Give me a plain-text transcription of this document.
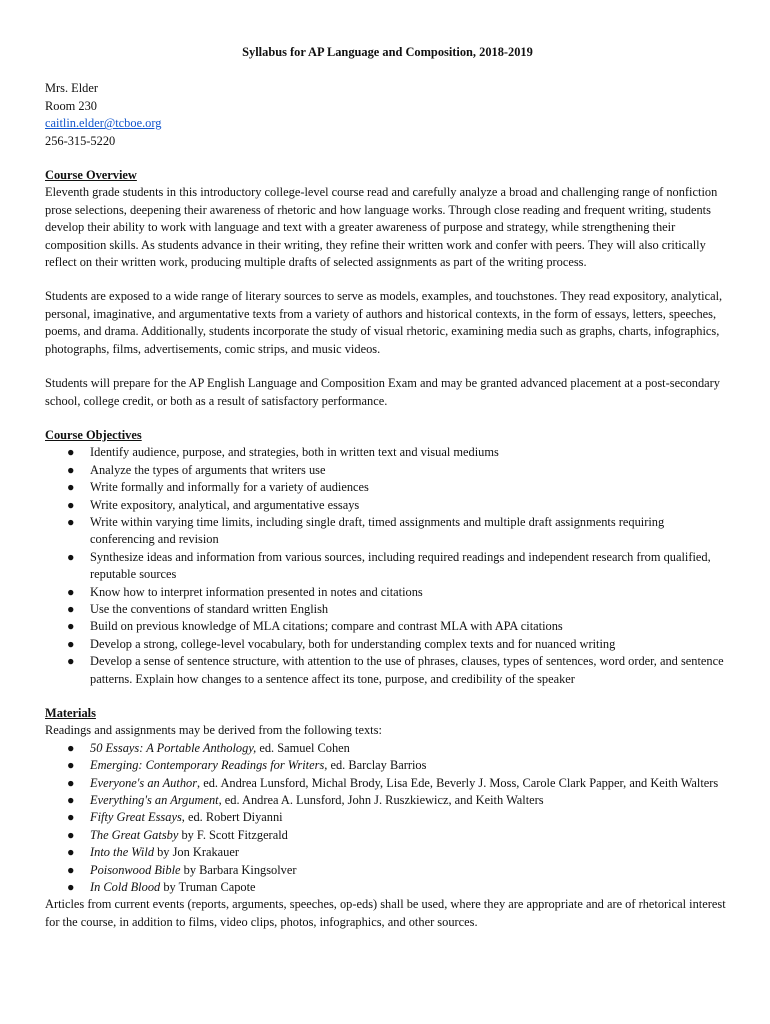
Syllabus for AP Language and Composition, 2018-2019
Mrs. Elder
Room 230
caitlin.elder@tcboe.org
256-315-5220
Course Overview

Eleventh grade students in this introductory college-level course read and carefully analyze a broad and challenging range of nonfiction prose selections, deepening their awareness of rhetoric and how language works. Through close reading and frequent writing, students develop their ability to work with language and text with a greater awareness of purpose and strategy, while strengthening their composition skills. As students advance in their writing, they refine their written work and confer with peers. They will also critically reflect on their written work, producing multiple drafts of selected assignments as part of the writing process.

Students are exposed to a wide range of literary sources to serve as models, examples, and touchstones. They read expository, analytical, personal, imaginative, and argumentative texts from a variety of authors and historical contexts, in the form of essays, letters, speeches, poems, and drama. Additionally, students incorporate the study of visual rhetoric, examining media such as graphs, charts, infographics, photographs, films, advertisements, comic strips, and music videos.

Students will prepare for the AP English Language and Composition Exam and may be granted advanced placement at a post-secondary school, college credit, or both as a result of satisfactory performance.

Course Objectives
● Identify audience, purpose, and strategies, both in written text and visual mediums
● Analyze the types of arguments that writers use
● Write formally and informally for a variety of audiences
● Write expository, analytical, and argumentative essays
● Write within varying time limits, including single draft, timed assignments and multiple draft assignments requiring conferencing and revision
● Synthesize ideas and information from various sources, including required readings and independent research from qualified, reputable sources
● Know how to interpret information presented in notes and citations
● Use the conventions of standard written English
● Build on previous knowledge of MLA citations; compare and contrast MLA with APA citations
● Develop a strong, college-level vocabulary, both for understanding complex texts and for nuanced writing
● Develop a sense of sentence structure, with attention to the use of phrases, clauses, types of sentences, word order, and sentence patterns. Explain how changes to a sentence affect its tone, purpose, and credibility of the speaker
Materials

Readings and assignments may be derived from the following texts:

● 50 Essays: A Portable Anthology, ed. Samuel Cohen
● Emerging: Contemporary Readings for Writers, ed. Barclay Barrios
● Everyone's an Author, ed. Andrea Lunsford, Michal Brody, Lisa Ede, Beverly J. Moss, Carole Clark Papper, and Keith Walters
● Everything's an Argument, ed. Andrea A. Lunsford, John J. Ruszkiewicz, and Keith Walters
● Fifty Great Essays, ed. Robert Diyanni
● The Great Gatsby by F. Scott Fitzgerald
● Into the Wild by Jon Krakauer
● Poisonwood Bible by Barbara Kingsolver
● In Cold Blood by Truman Capote

Articles from current events (reports, arguments, speeches, op-eds) shall be used, where they are appropriate and are of rhetorical interest for the course, in addition to films, video clips, photos, infographics, and other sources.
